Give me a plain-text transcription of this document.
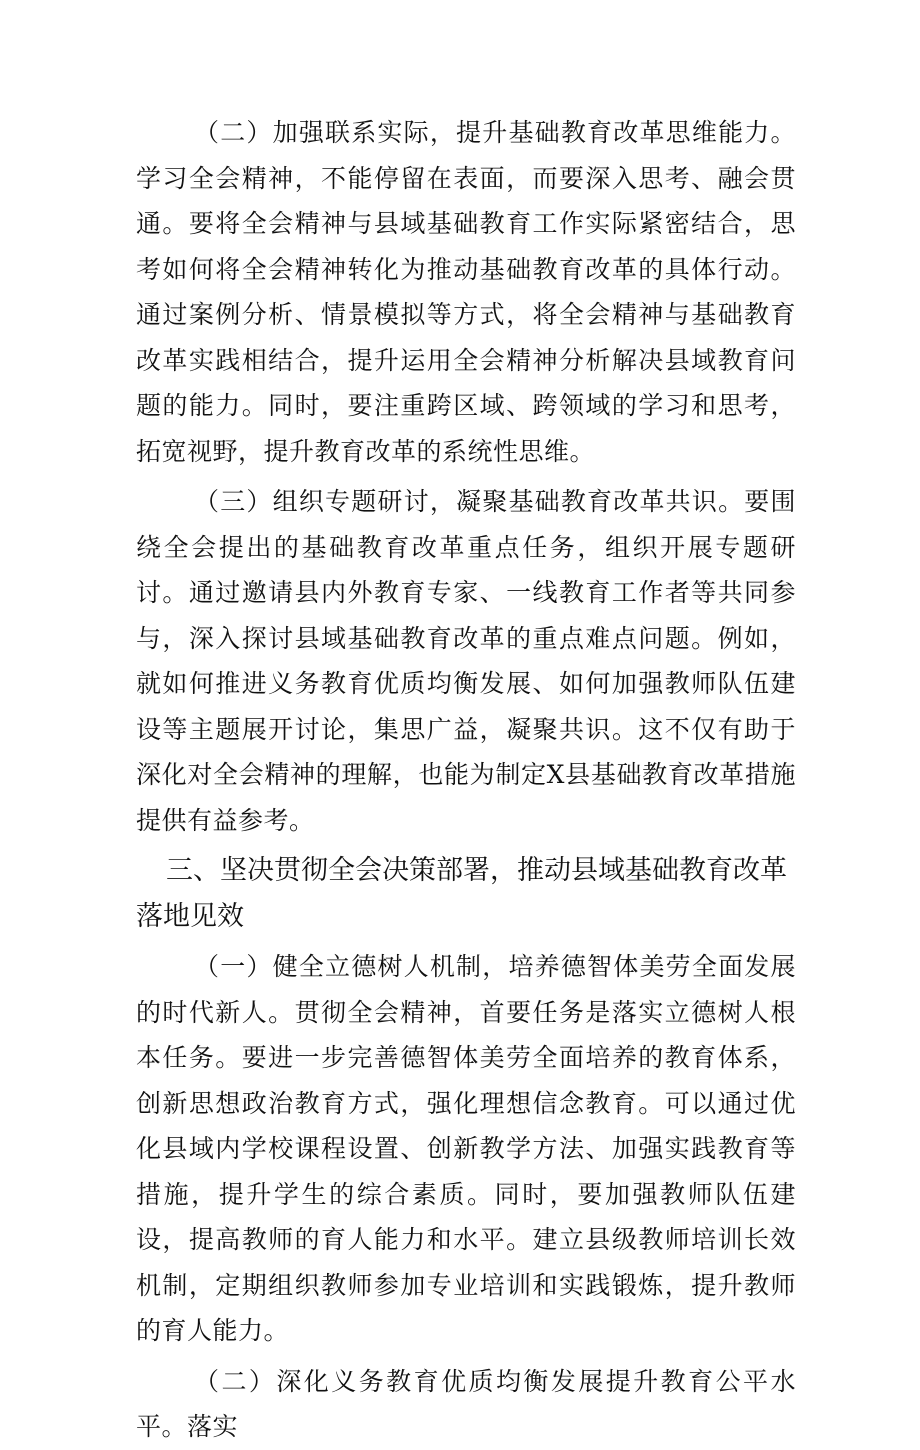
（二）加强联系实际，提升基础教育改革思维能力。学习全会精神，不能停留在表面，而要深入思考、融会贯通。要将全会精神与县域基础教育工作实际紧密结合，思考如何将全会精神转化为推动基础教育改革的具体行动。通过案例分析、情景模拟等方式，将全会精神与基础教育改革实践相结合，提升运用全会精神分析解决县域教育问题的能力。同时，要注重跨区域、跨领域的学习和思考，拓宽视野，提升教育改革的系统性思维。

（三）组织专题研讨，凝聚基础教育改革共识。要围绕全会提出的基础教育改革重点任务，组织开展专题研讨。通过邀请县内外教育专家、一线教育工作者等共同参与，深入探讨县域基础教育改革的重点难点问题。例如，就如何推进义务教育优质均衡发展、如何加强教师队伍建设等主题展开讨论，集思广益，凝聚共识。这不仅有助于深化对全会精神的理解，也能为制定X县基础教育改革措施提供有益参考。

三、坚决贯彻全会决策部署，推动县域基础教育改革落地见效

（一）健全立德树人机制，培养德智体美劳全面发展的时代新人。贯彻全会精神，首要任务是落实立德树人根本任务。要进一步完善德智体美劳全面培养的教育体系，创新思想政治教育方式，强化理想信念教育。可以通过优化县域内学校课程设置、创新教学方法、加强实践教育等措施，提升学生的综合素质。同时，要加强教师队伍建设，提高教师的育人能力和水平。建立县级教师培训长效机制，定期组织教师参加专业培训和实践锻炼，提升教师的育人能力。

（二）深化义务教育优质均衡发展提升教育公平水平。落实
